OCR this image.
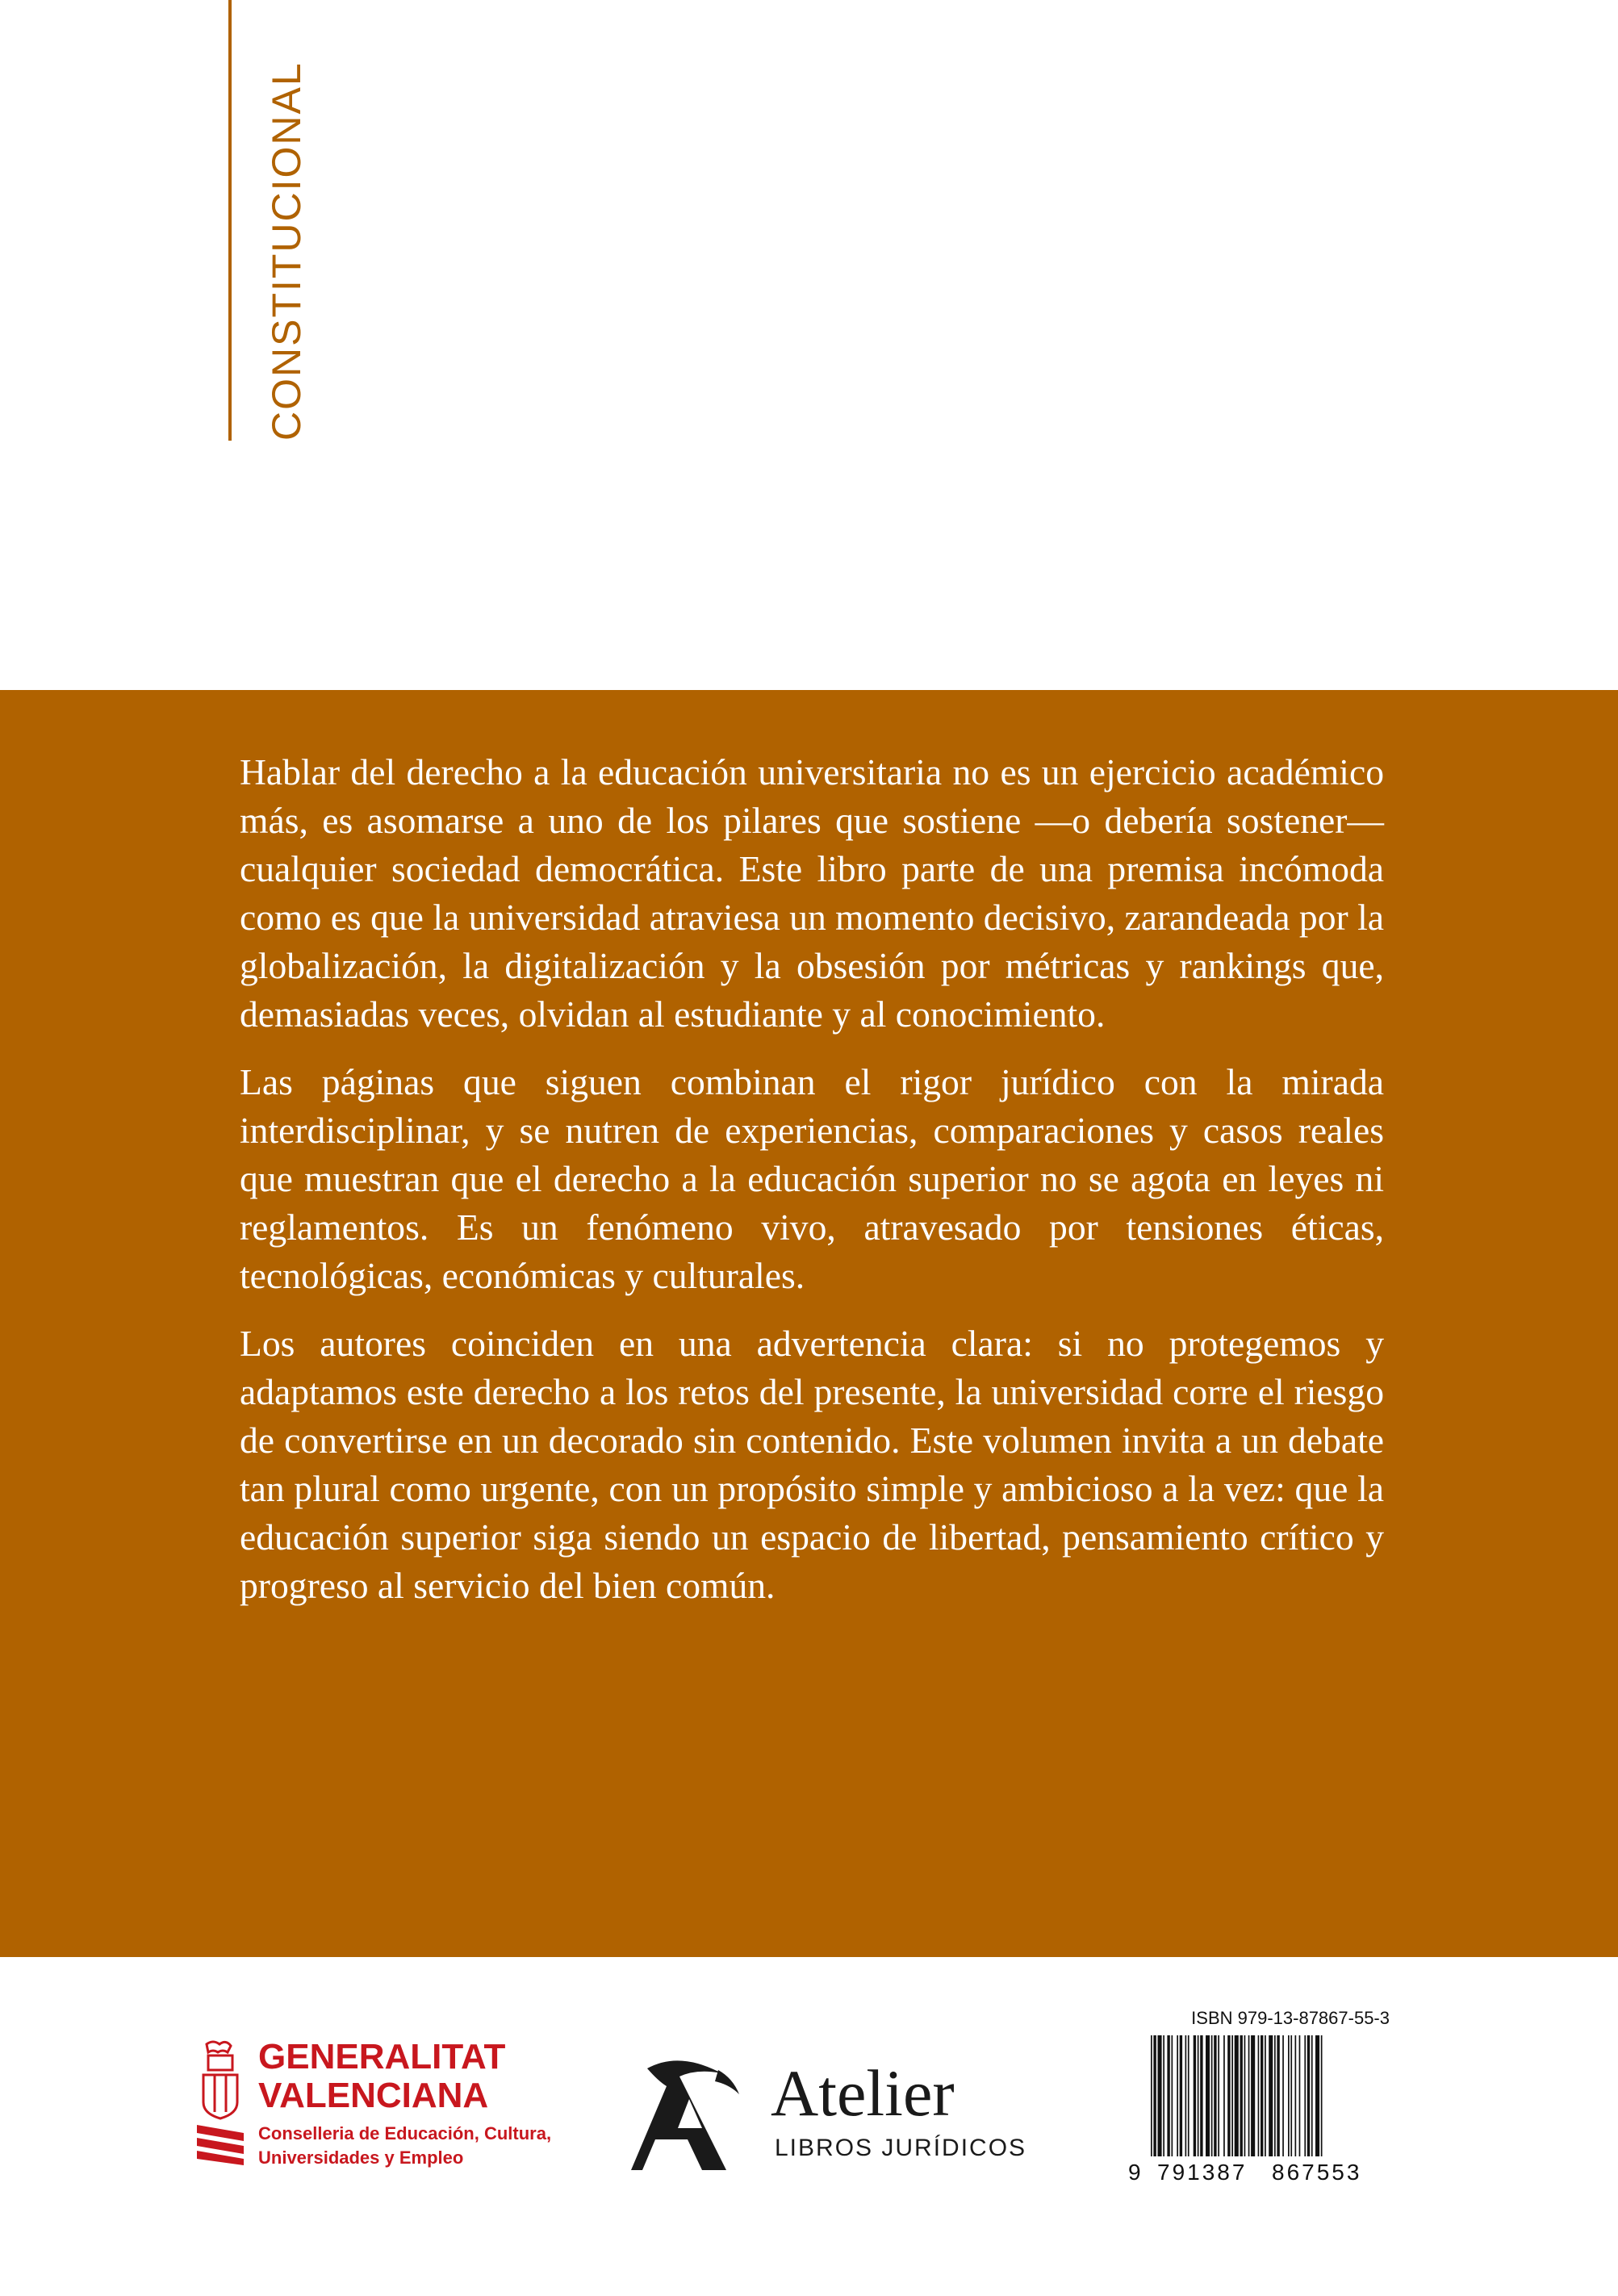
CONSTITUCIONAL

Hablar del derecho a la educación universitaria no es un ejercicio académico más, es asomarse a uno de los pilares que sostiene —o debería sostener— cualquier sociedad democrática. Este libro parte de una premisa incómoda como es que la universidad atraviesa un momento decisivo, zarandeada por la globalización, la digitalización y la obsesión por métricas y rankings que, demasiadas veces, olvidan al estudiante y al conocimiento.

Las páginas que siguen combinan el rigor jurídico con la mirada interdisciplinar, y se nutren de experiencias, comparaciones y casos reales que muestran que el derecho a la educación superior no se agota en leyes ni reglamentos. Es un fenómeno vivo, atravesado por tensiones éticas, tecnológicas, económicas y culturales.

Los autores coinciden en una advertencia clara: si no protegemos y adaptamos este derecho a los retos del presente, la universidad corre el riesgo de convertirse en un decorado sin contenido. Este volumen invita a un debate tan plural como urgente, con un propósito simple y ambicioso a la vez: que la educación superior siga siendo un espacio de libertad, pensamiento crítico y progreso al servicio del bien común.

GENERALITAT
VALENCIANA
Conselleria de Educación, Cultura,
Universidades y Empleo
Atelier
LIBROS JURÍDICOS
ISBN 979-13-87867-55-3
9 791387 867553
